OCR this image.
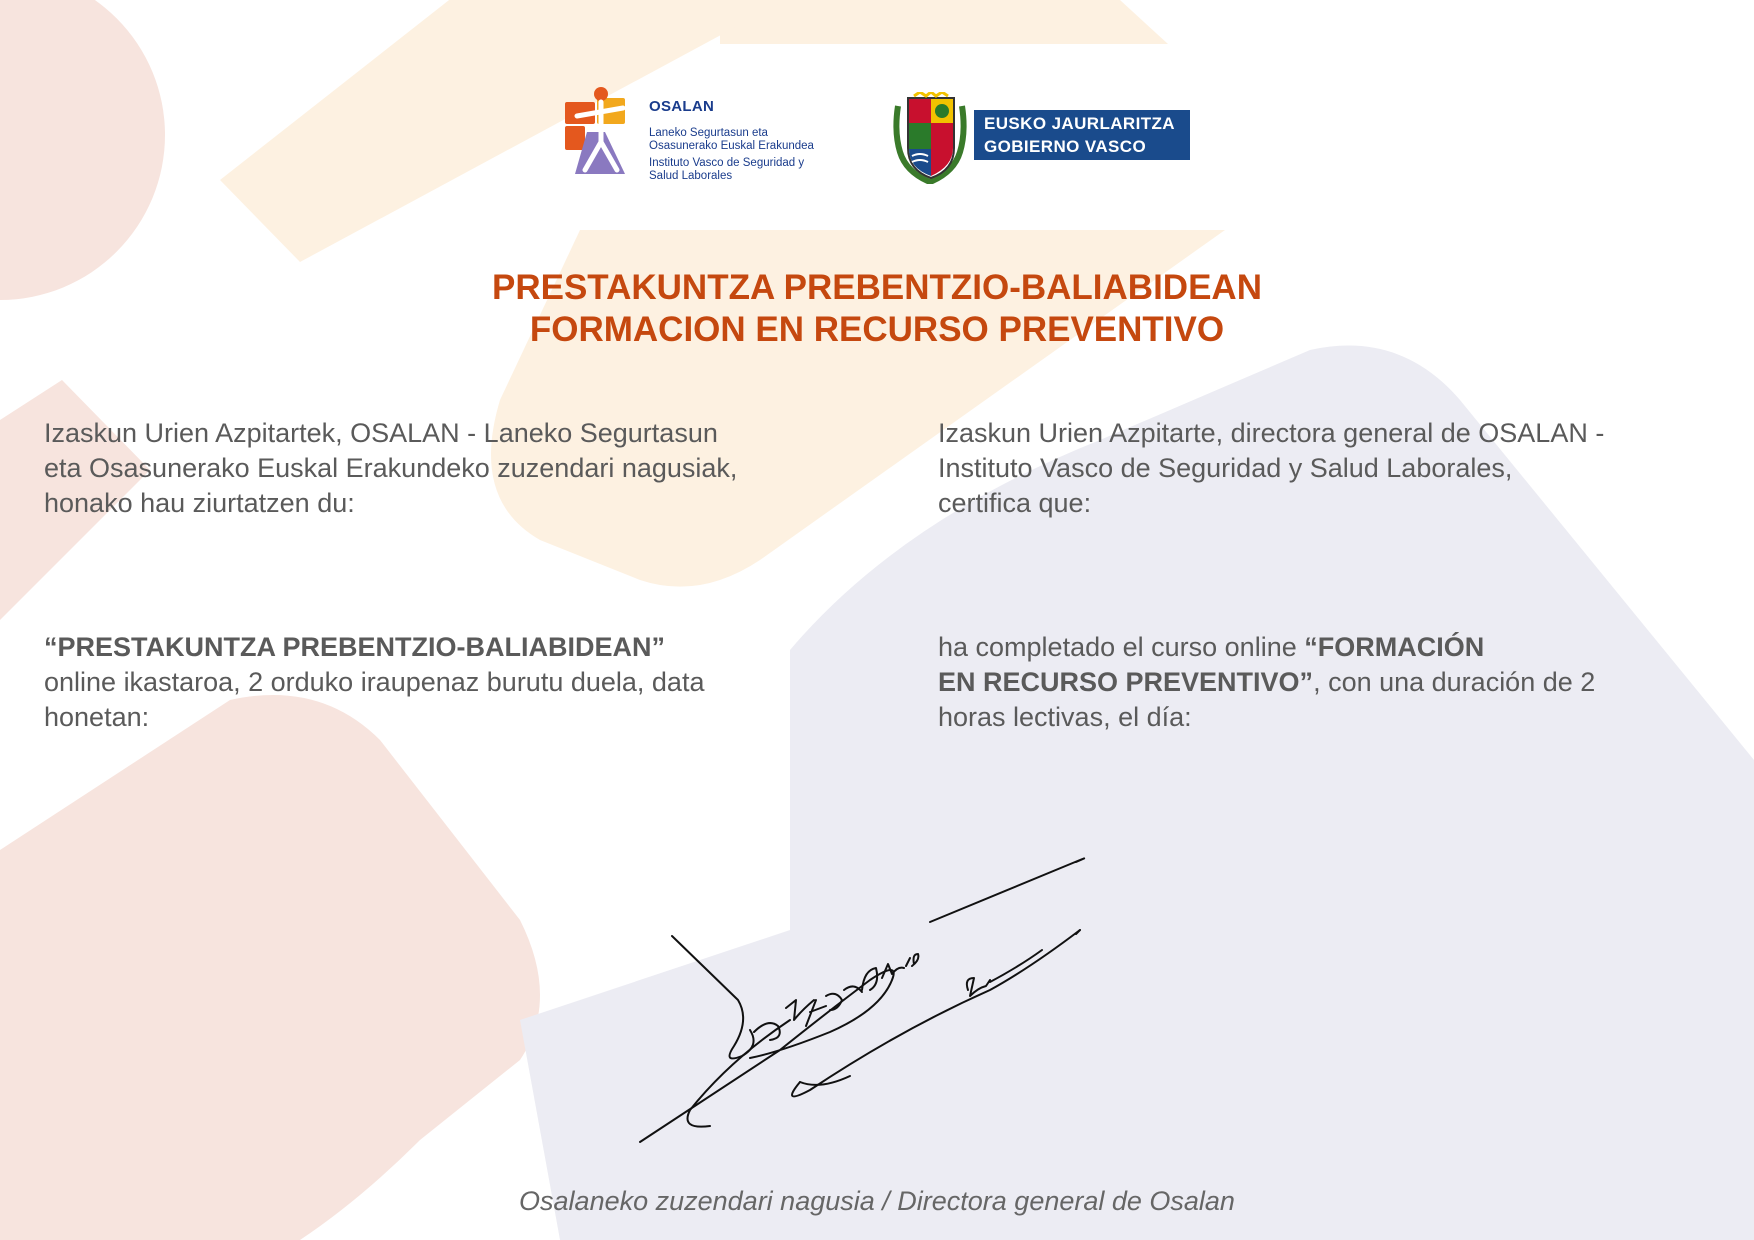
OSALAN
Laneko Segurtasun eta
Osasunerako Euskal Erakundea
Instituto Vasco de Seguridad y
Salud Laborales
EUSKO JAURLARITZA
GOBIERNO VASCO
PRESTAKUNTZA PREBENTZIO-BALIABIDEAN
FORMACION EN RECURSO PREVENTIVO
Izaskun Urien Azpitartek, OSALAN - Laneko Segurtasun
eta Osasunerako Euskal Erakundeko zuzendari nagusiak,
honako hau ziurtatzen du:
Izaskun Urien Azpitarte, directora general de OSALAN -
Instituto Vasco de Seguridad y Salud Laborales,
certifica que:
“PRESTAKUNTZA PREBENTZIO-BALIABIDEAN”
online ikastaroa, 2 orduko iraupenaz burutu duela, data
honetan:
ha completado el curso online “FORMACIÓN
EN RECURSO PREVENTIVO”, con una duración de 2
horas lectivas, el día:
Osalaneko zuzendari nagusia / Directora general de Osalan
